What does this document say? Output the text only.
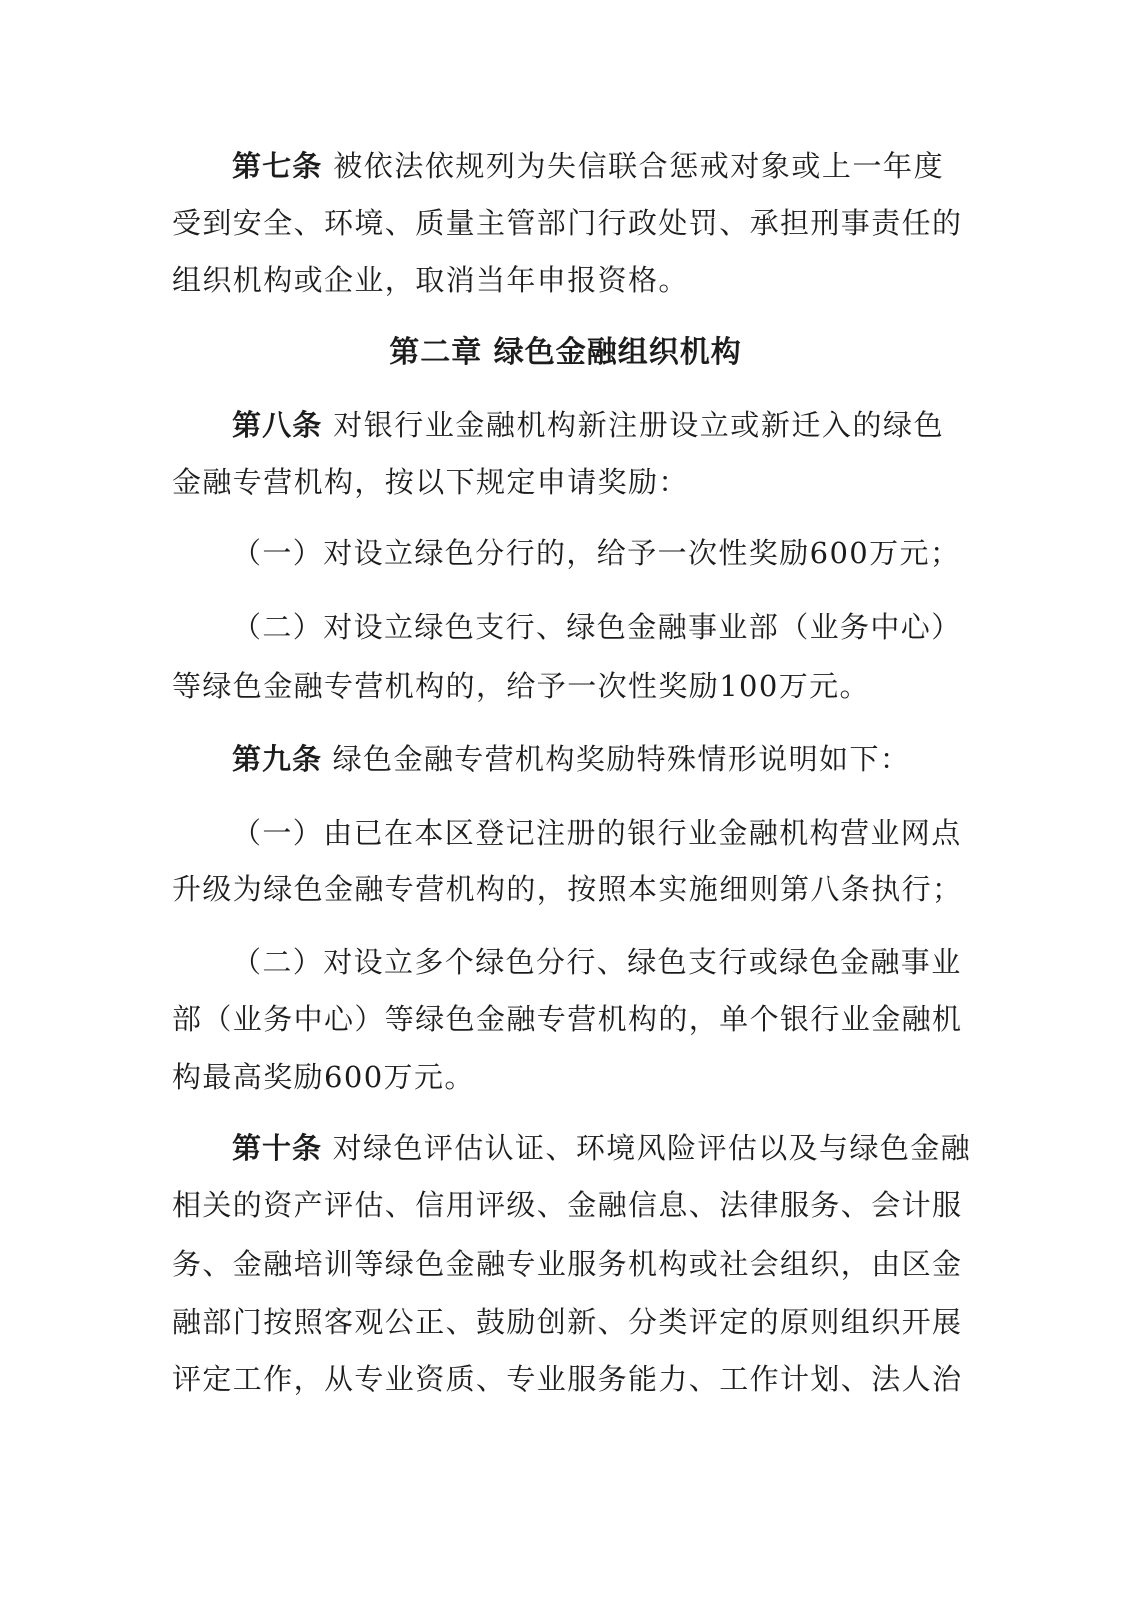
第七条 被依法依规列为失信联合惩戒对象或上一年度
受到安全、环境、质量主管部门行政处罚、承担刑事责任的
组织机构或企业，取消当年申报资格。
第二章 绿色金融组织机构
第八条 对银行业金融机构新注册设立或新迁入的绿色
金融专营机构，按以下规定申请奖励：
（一）对设立绿色分行的，给予一次性奖励600万元；
（二）对设立绿色支行、绿色金融事业部（业务中心）
等绿色金融专营机构的，给予一次性奖励100万元。
第九条 绿色金融专营机构奖励特殊情形说明如下：
（一）由已在本区登记注册的银行业金融机构营业网点
升级为绿色金融专营机构的，按照本实施细则第八条执行；
（二）对设立多个绿色分行、绿色支行或绿色金融事业
部（业务中心）等绿色金融专营机构的，单个银行业金融机
构最高奖励600万元。
第十条 对绿色评估认证、环境风险评估以及与绿色金融
相关的资产评估、信用评级、金融信息、法律服务、会计服
务、金融培训等绿色金融专业服务机构或社会组织，由区金
融部门按照客观公正、鼓励创新、分类评定的原则组织开展
评定工作，从专业资质、专业服务能力、工作计划、法人治
